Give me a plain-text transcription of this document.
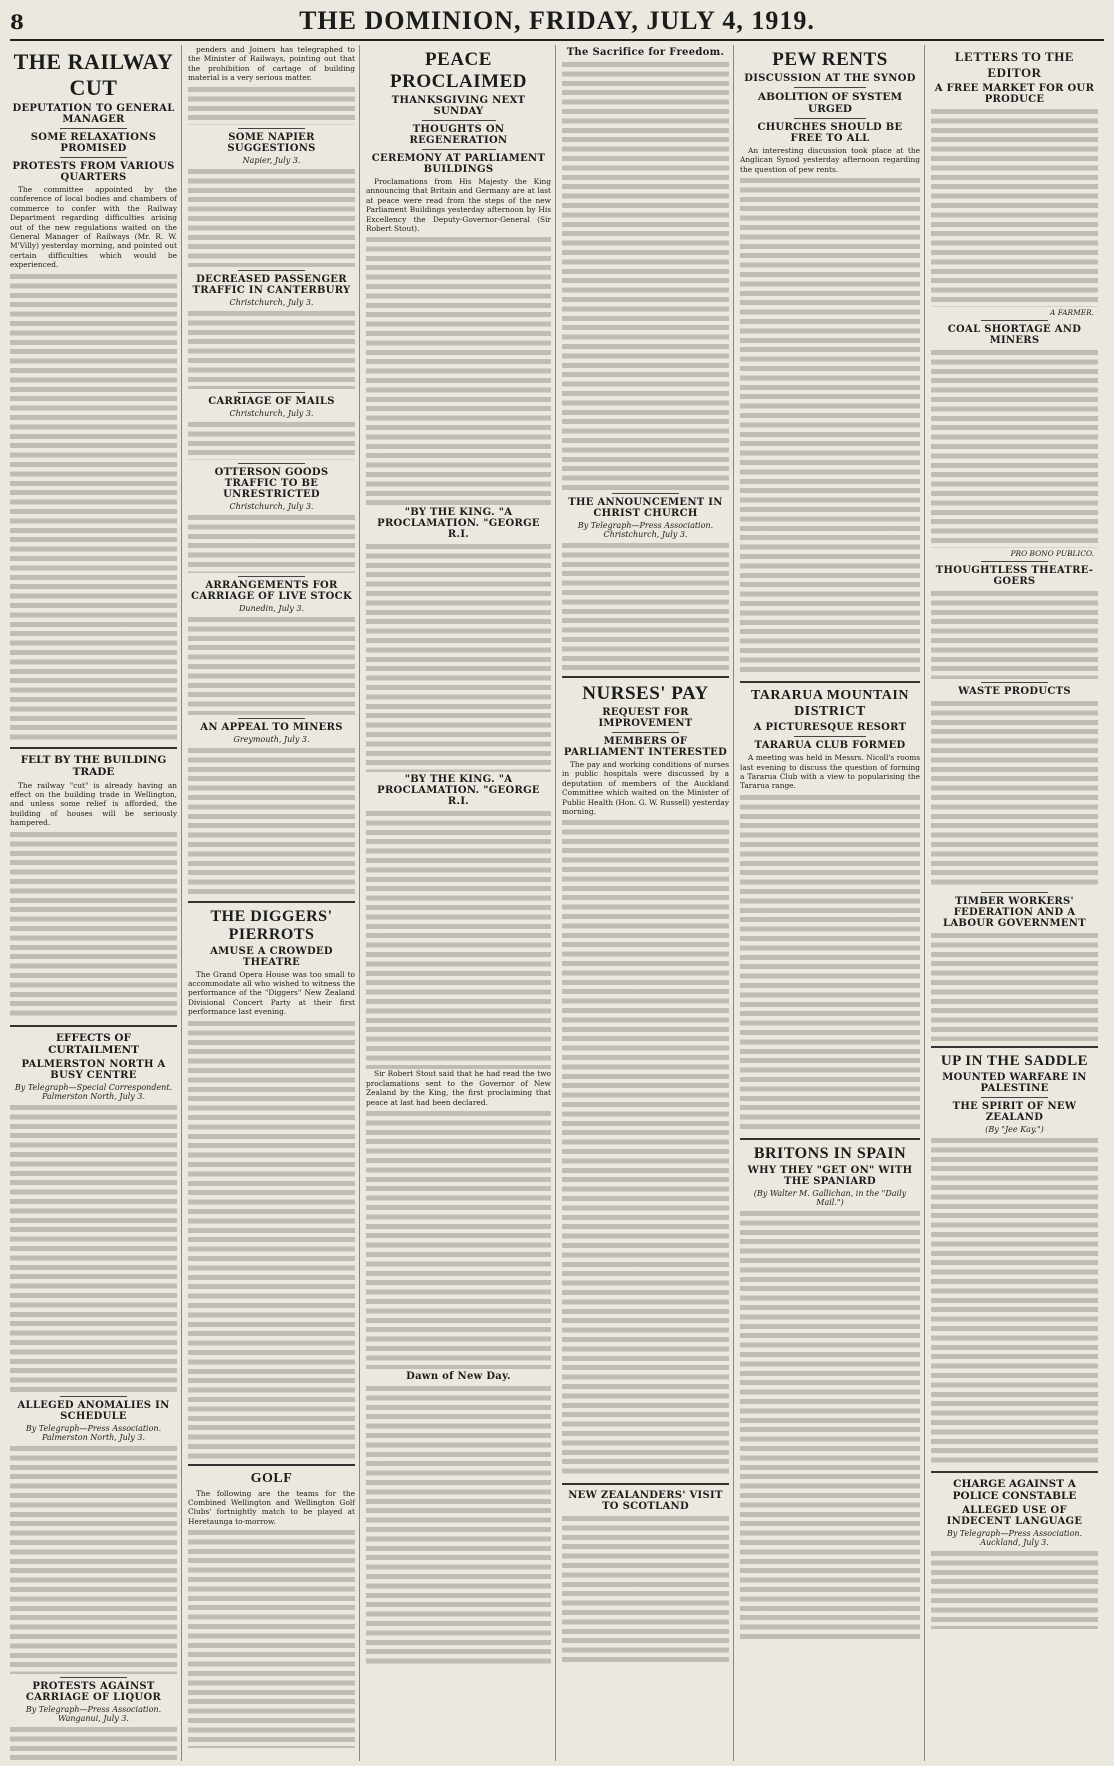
8	THE DOMINION, FRIDAY, JULY 4, 1919.
THE RAILWAY CUT
DEPUTATION TO GENERAL MANAGER
SOME RELAXATIONS PROMISED
PROTESTS FROM VARIOUS QUARTERS

The committee appointed by the conference of local bodies and chambers of commerce to confer with the Railway Department regarding difficulties arising out of the new regulations waited on the General Manager of Railways (Mr. R. W. M'Villy) yesterday morning, and pointed out certain difficulties which would be experienced.

FELT BY THE BUILDING TRADE

The railway "cut" is already having an effect on the building trade in Wellington, and unless some relief is afforded, the building of houses will be seriously hampered.

EFFECTS OF CURTAILMENT
PALMERSTON NORTH A BUSY CENTRE
By Telegraph—Special Correspondent. Palmerston North, July 3.
ALLEGED ANOMALIES IN SCHEDULE
By Telegraph—Press Association. Palmerston North, July 3.
PROTESTS AGAINST CARRIAGE OF LIQUOR
By Telegraph—Press Association. Wanganui, July 3.

penders and Joiners has telegraphed to the Minister of Railways, pointing out that the prohibition of cartage of building material is a very serious matter.

SOME NAPIER SUGGESTIONS
Napier, July 3.
DECREASED PASSENGER TRAFFIC IN CANTERBURY
Christchurch, July 3.
CARRIAGE OF MAILS
Christchurch, July 3.
OTTERSON GOODS TRAFFIC TO BE UNRESTRICTED
Christchurch, July 3.
ARRANGEMENTS FOR CARRIAGE OF LIVE STOCK
Dunedin, July 3.
AN APPEAL TO MINERS
Greymouth, July 3.
THE DIGGERS' PIERROTS
AMUSE A CROWDED THEATRE

The Grand Opera House was too small to accommodate all who wished to witness the performance of the "Diggers" New Zealand Divisional Concert Party at their first performance last evening.

GOLF

The following are the teams for the Combined Wellington and Wellington Golf Clubs' fortnightly match to be played at Heretaunga to-morrow.

PEACE PROCLAIMED
THANKSGIVING NEXT SUNDAY
THOUGHTS ON REGENERATION
CEREMONY AT PARLIAMENT BUILDINGS

Proclamations from His Majesty the King announcing that Britain and Germany are at last at peace were read from the steps of the new Parliament Buildings yesterday afternoon by His Excellency the Deputy-Governor-General (Sir Robert Stout).

"BY THE KING. "A PROCLAMATION. "GEORGE R.I.
"BY THE KING. "A PROCLAMATION. "GEORGE R.I.

Sir Robert Stout said that he had read the two proclamations sent to the Governor of New Zealand by the King, the first proclaiming that peace at last had been declared.

Dawn of New Day.
The Sacrifice for Freedom.
THE ANNOUNCEMENT IN CHRIST CHURCH
By Telegraph—Press Association. Christchurch, July 3.
NURSES' PAY
REQUEST FOR IMPROVEMENT
MEMBERS OF PARLIAMENT INTERESTED

The pay and working conditions of nurses in public hospitals were discussed by a deputation of members of the Auckland Committee which waited on the Minister of Public Health (Hon. G. W. Russell) yesterday morning.

NEW ZEALANDERS' VISIT TO SCOTLAND
PEW RENTS
DISCUSSION AT THE SYNOD
ABOLITION OF SYSTEM URGED
CHURCHES SHOULD BE FREE TO ALL

An interesting discussion took place at the Anglican Synod yesterday afternoon regarding the question of pew rents.

TARARUA MOUNTAIN DISTRICT
A PICTURESQUE RESORT
TARARUA CLUB FORMED

A meeting was held in Messrs. Nicoll's rooms last evening to discuss the question of forming a Tararua Club with a view to popularising the Tararua range.

BRITONS IN SPAIN
WHY THEY "GET ON" WITH THE SPANIARD
(By Walter M. Gallichan, in the "Daily Mail.")
LETTERS TO THE EDITOR
A FREE MARKET FOR OUR PRODUCE
A FARMER.
COAL SHORTAGE AND MINERS
PRO BONO PUBLICO.
THOUGHTLESS THEATRE-GOERS
WASTE PRODUCTS
TIMBER WORKERS' FEDERATION AND A LABOUR GOVERNMENT
UP IN THE SADDLE
MOUNTED WARFARE IN PALESTINE
THE SPIRIT OF NEW ZEALAND
(By "Jee Kay.")
CHARGE AGAINST A POLICE CONSTABLE
ALLEGED USE OF INDECENT LANGUAGE
By Telegraph—Press Association. Auckland, July 3.
